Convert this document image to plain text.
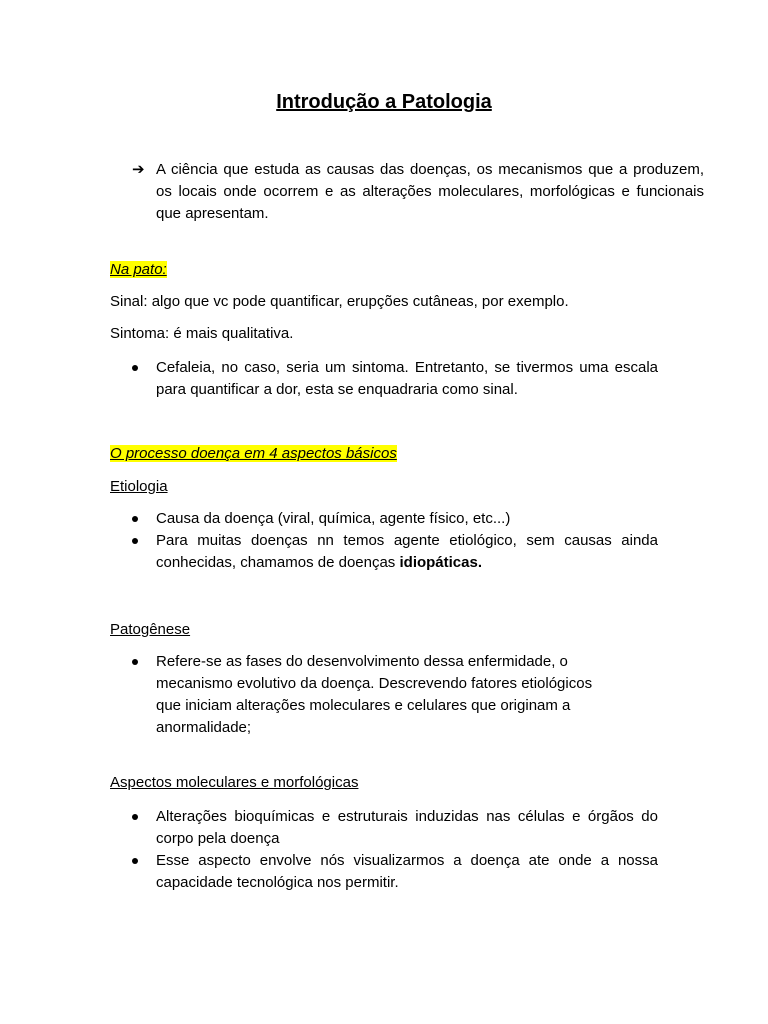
Introdução a Patologia
➔ A ciência que estuda as causas das doenças, os mecanismos que a produzem, os locais onde ocorrem e as alterações moleculares, morfológicas e funcionais que apresentam.
Na pato:
Sinal: algo que vc pode quantificar, erupções cutâneas, por exemplo.
Sintoma: é mais qualitativa.
Cefaleia, no caso, seria um sintoma. Entretanto, se tivermos uma escala para quantificar a dor, esta se enquadraria como sinal.
O processo doença em 4 aspectos básicos
Etiologia
Causa da doença (viral, química, agente físico, etc...)
Para muitas doenças nn temos agente etiológico, sem causas ainda conhecidas, chamamos de doenças idiopáticas.
Patogênese
Refere-se as fases do desenvolvimento dessa enfermidade, o mecanismo evolutivo da doença. Descrevendo fatores etiológicos que iniciam alterações moleculares e celulares que originam a anormalidade;
Aspectos moleculares e morfológicas
Alterações bioquímicas e estruturais induzidas nas células e órgãos do corpo pela doença
Esse aspecto envolve nós visualizarmos a doença ate onde a nossa capacidade tecnológica nos permitir.
